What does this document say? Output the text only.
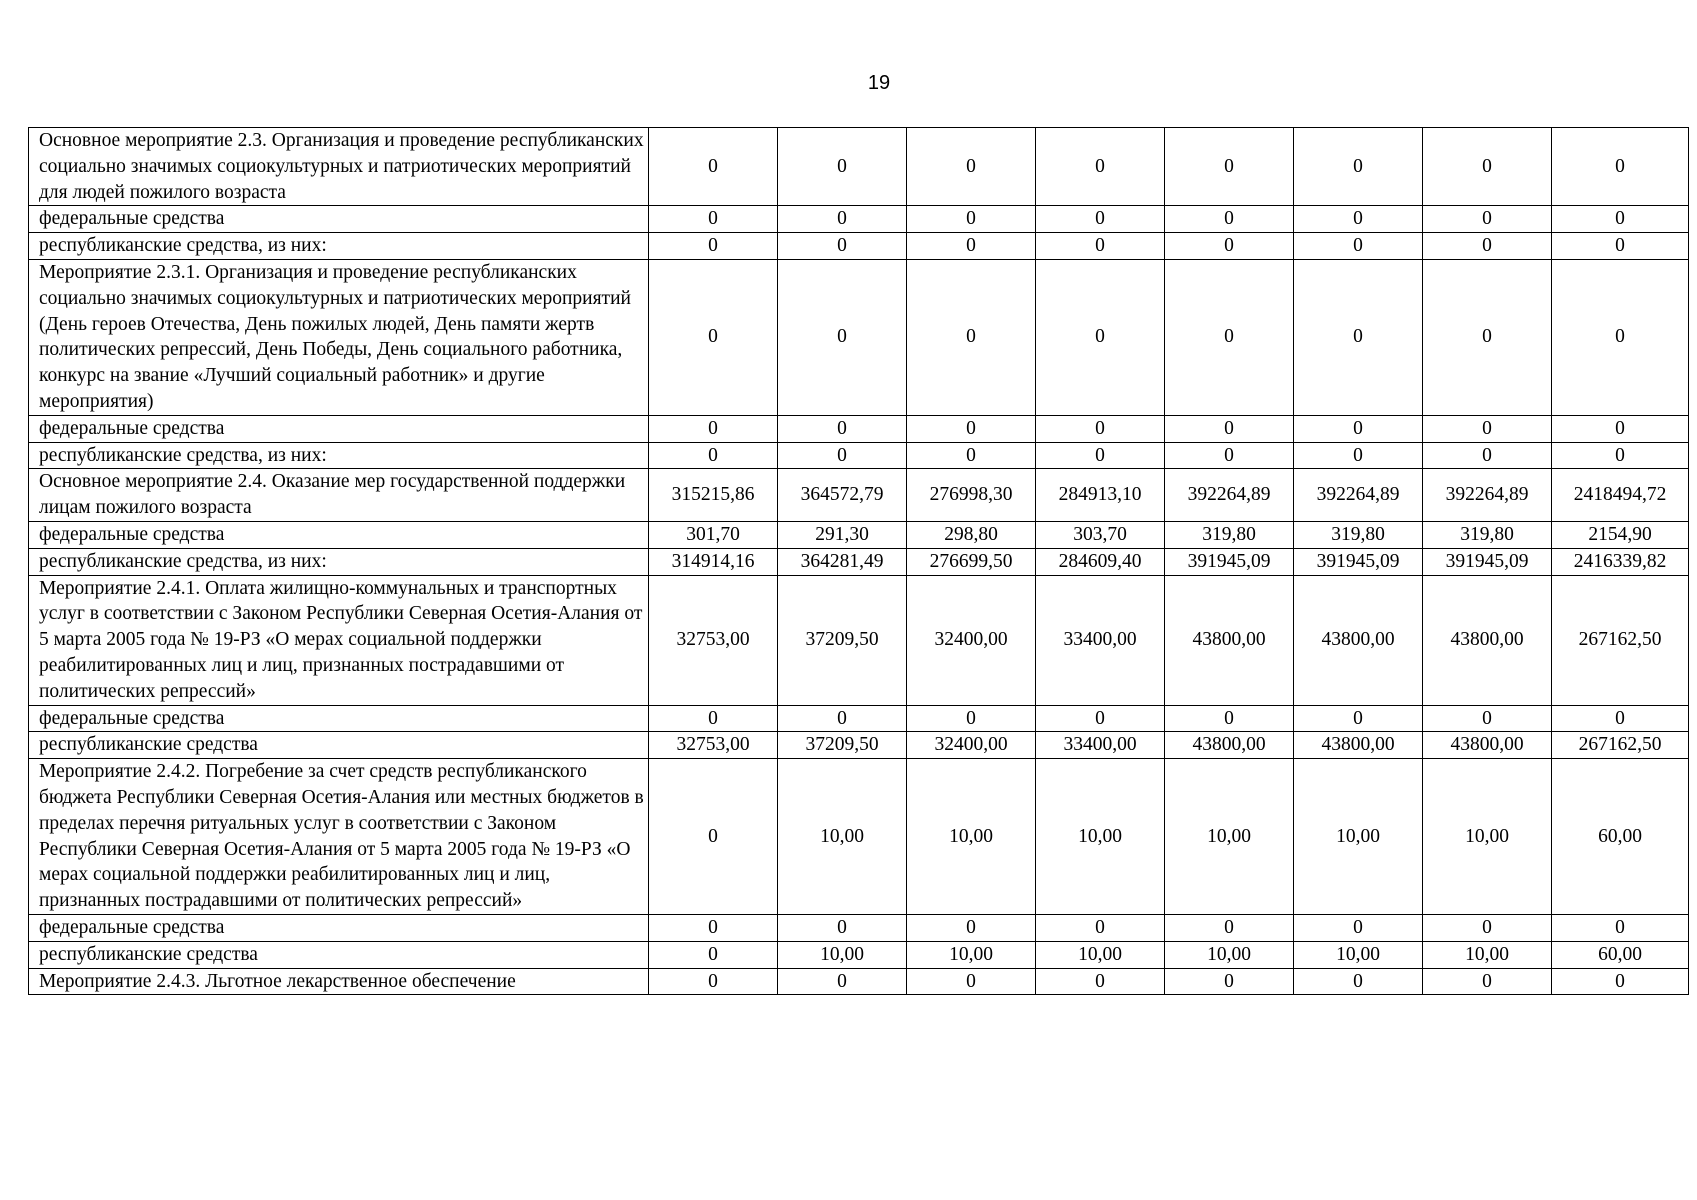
19
Основное мероприятие 2.3. Организация и проведение республиканских социально значимых социокультурных и патриотических мероприятий для людей пожилого возраста	0	0	0	0	0	0	0	0
федеральные средства	0	0	0	0	0	0	0	0
республиканские средства, из них:	0	0	0	0	0	0	0	0
Мероприятие 2.3.1. Организация и проведение республиканских социально значимых социокультурных и патриотических мероприятий (День героев Отечества, День пожилых людей, День памяти жертв политических репрессий, День Победы, День социального работника, конкурс на звание «Лучший социальный работник» и другие мероприятия)	0	0	0	0	0	0	0	0
федеральные средства	0	0	0	0	0	0	0	0
республиканские средства, из них:	0	0	0	0	0	0	0	0
Основное мероприятие 2.4. Оказание мер государственной поддержки лицам пожилого возраста	315215,86	364572,79	276998,30	284913,10	392264,89	392264,89	392264,89	2418494,72
федеральные средства	301,70	291,30	298,80	303,70	319,80	319,80	319,80	2154,90
республиканские средства, из них:	314914,16	364281,49	276699,50	284609,40	391945,09	391945,09	391945,09	2416339,82
Мероприятие 2.4.1. Оплата жилищно-коммунальных и транспортных услуг в соответствии с Законом Республики Северная Осетия-Алания от 5 марта 2005 года № 19-РЗ «О мерах социальной поддержки реабилитированных лиц и лиц, признанных пострадавшими от политических репрессий»	32753,00	37209,50	32400,00	33400,00	43800,00	43800,00	43800,00	267162,50
федеральные средства	0	0	0	0	0	0	0	0
республиканские средства	32753,00	37209,50	32400,00	33400,00	43800,00	43800,00	43800,00	267162,50
Мероприятие 2.4.2. Погребение за счет средств республиканского бюджета Республики Северная Осетия-Алания или местных бюджетов в пределах перечня ритуальных услуг в соответствии с Законом Республики Северная Осетия-Алания от 5 марта 2005 года № 19-РЗ «О мерах социальной поддержки реабилитированных лиц и лиц, признанных пострадавшими от политических репрессий»	0	10,00	10,00	10,00	10,00	10,00	10,00	60,00
федеральные средства	0	0	0	0	0	0	0	0
республиканские средства	0	10,00	10,00	10,00	10,00	10,00	10,00	60,00
Мероприятие 2.4.3. Льготное лекарственное обеспечение	0	0	0	0	0	0	0	0
